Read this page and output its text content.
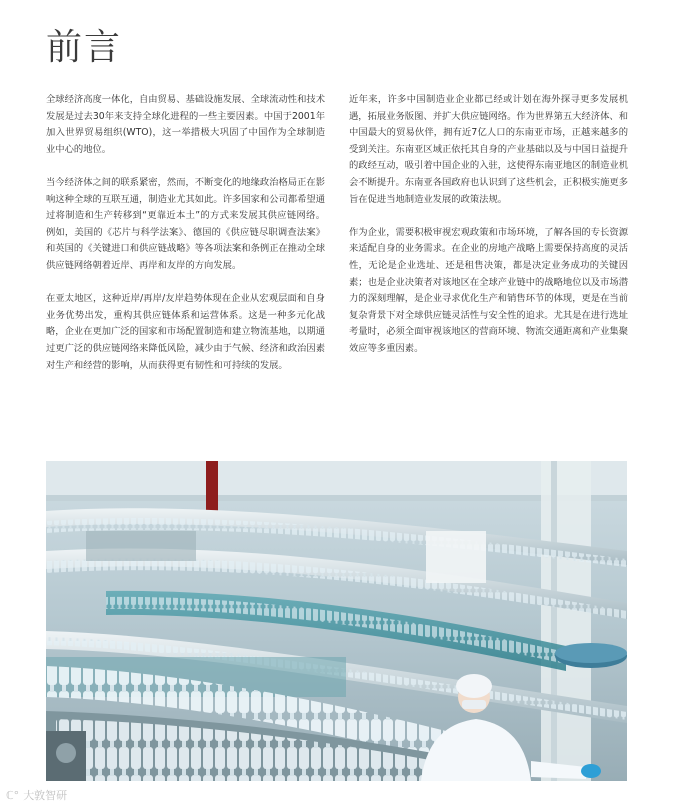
前言

全球经济高度一体化，自由贸易、基础设施发展、全球流动性和技术发展是过去30年来支持全球化进程的一些主要因素。中国于2001年加入世界贸易组织(WTO)，这一举措极大巩固了中国作为全球制造业中心的地位。

当今经济体之间的联系紧密，然而，不断变化的地缘政治格局正在影响这种全球的互联互通，制造业尤其如此。许多国家和公司都希望通过将制造和生产转移到“更靠近本土”的方式来发展其供应链网络。例如，美国的《芯片与科学法案》、德国的《供应链尽职调查法案》和英国的《关键进口和供应链战略》等各项法案和条例正在推动全球供应链网络朝着近岸、再岸和友岸的方向发展。

在亚太地区，这种近岸/再岸/友岸趋势体现在企业从宏观层面和自身业务优势出发，重构其供应链体系和运营体系。这是一种多元化战略，企业在更加广泛的国家和市场配置制造和建立物流基地，以期通过更广泛的供应链网络来降低风险，减少由于气候、经济和政治因素对生产和经营的影响，从而获得更有韧性和可持续的发展。

近年来，许多中国制造业企业都已经或计划在海外探寻更多发展机遇，拓展业务版图、并扩大供应链网络。作为世界第五大经济体、和中国最大的贸易伙伴，拥有近7亿人口的东南亚市场，正越来越多的受到关注。东南亚区域正依托其自身的产业基础以及与中国日益提升的政经互动，吸引着中国企业的入驻，这使得东南亚地区的制造业机会不断提升。东南亚各国政府也认识到了这些机会，正积极实施更多旨在促进当地制造业发展的政策法规。

作为企业，需要积极审视宏观政策和市场环境，了解各国的专长资源来适配自身的业务需求。在企业的房地产战略上需要保持高度的灵活性，无论是企业选址、还是租售决策，都是决定业务成功的关键因素；也是企业决策者对该地区在全球产业链中的战略地位以及市场潜力的深刻理解，是企业寻求优化生产和销售环节的体现，更是在当前复杂背景下对全球供应链灵活性与安全性的追求。尤其是在进行选址考量时，必须全面审视该地区的营商环境、物流交通距离和产业集聚效应等多重因素。

ℂ° 大敦智研
